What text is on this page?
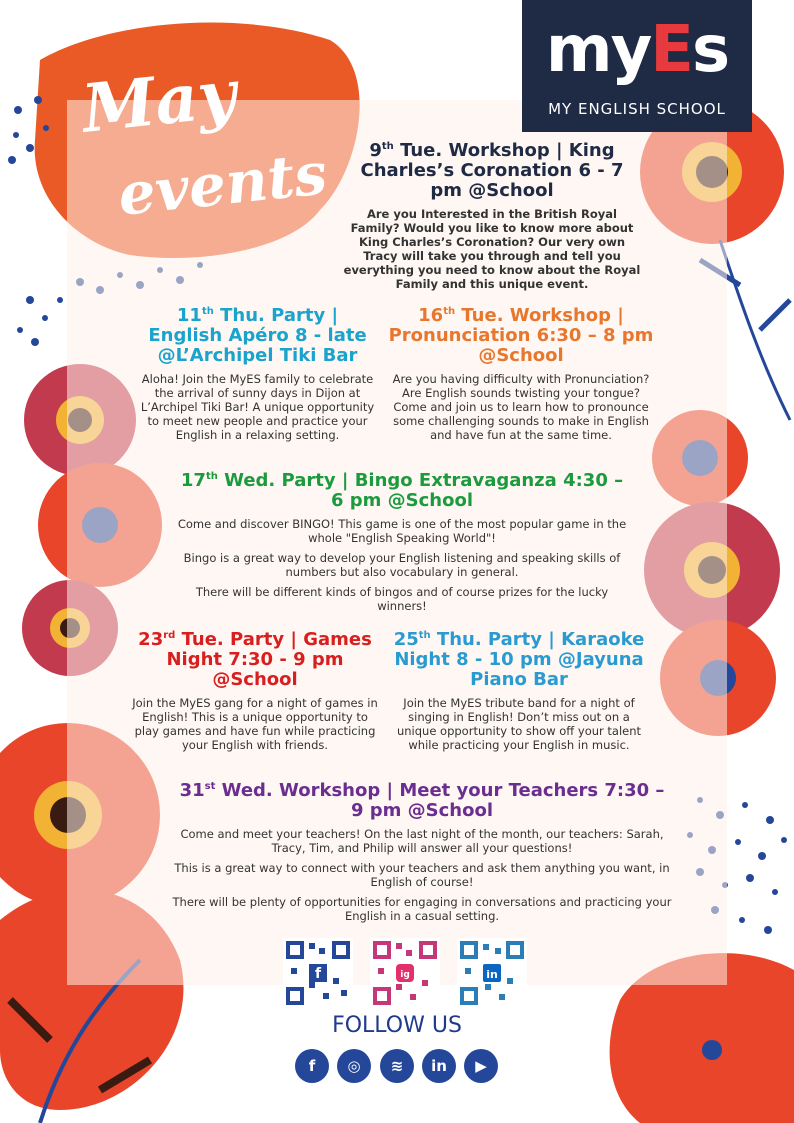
May
events
myEs
MY ENGLISH SCHOOL
9th Tue. Workshop | King Charles’s Coronation 6 - 7 pm @School

Are you Interested in the British Royal Family? Would you like to know more about King Charles’s Coronation? Our very own Tracy will take you through and tell you everything you need to know about the Royal Family and this unique event.

11th Thu. Party | English Apéro 8 - late @L’Archipel Tiki Bar

Aloha! Join the MyES family to celebrate the arrival of sunny days in Dijon at L’Archipel Tiki Bar! A unique opportunity to meet new people and practice your English in a relaxing setting.

16th Tue. Workshop | Pronunciation 6:30 – 8 pm @School

Are you having difficulty with Pronunciation? Are English sounds twisting your tongue? Come and join us to learn how to pronounce some challenging sounds to make in English and have fun at the same time.

17th Wed. Party | Bingo Extravaganza 4:30 – 6 pm @School

Come and discover BINGO! This game is one of the most popular game in the whole "English Speaking World"!

Bingo is a great way to develop your English listening and speaking skills of numbers but also vocabulary in general.

There will be different kinds of bingos and of course prizes for the lucky winners!

23rd Tue. Party | Games Night 7:30 - 9 pm @School

Join the MyES gang for a night of games in English! This is a unique opportunity to play games and have fun while practicing your English with friends.

25th Thu. Party | Karaoke Night 8 - 10 pm @Jayuna Piano Bar

Join the MyES tribute band for a night of singing in English! Don’t miss out on a unique opportunity to show off your talent while practicing your English in music.

31st Wed. Workshop | Meet your Teachers 7:30 – 9 pm @School

Come and meet your teachers! On the last night of the month, our teachers: Sarah, Tracy, Tim, and Philip will answer all your questions!

This is a great way to connect with your teachers and ask them anything you want, in English of course!

There will be plenty of opportunities for engaging in conversations and practicing your English in a casual setting.

f	ig	in
FOLLOW US
f	◎	≋	in	▶
